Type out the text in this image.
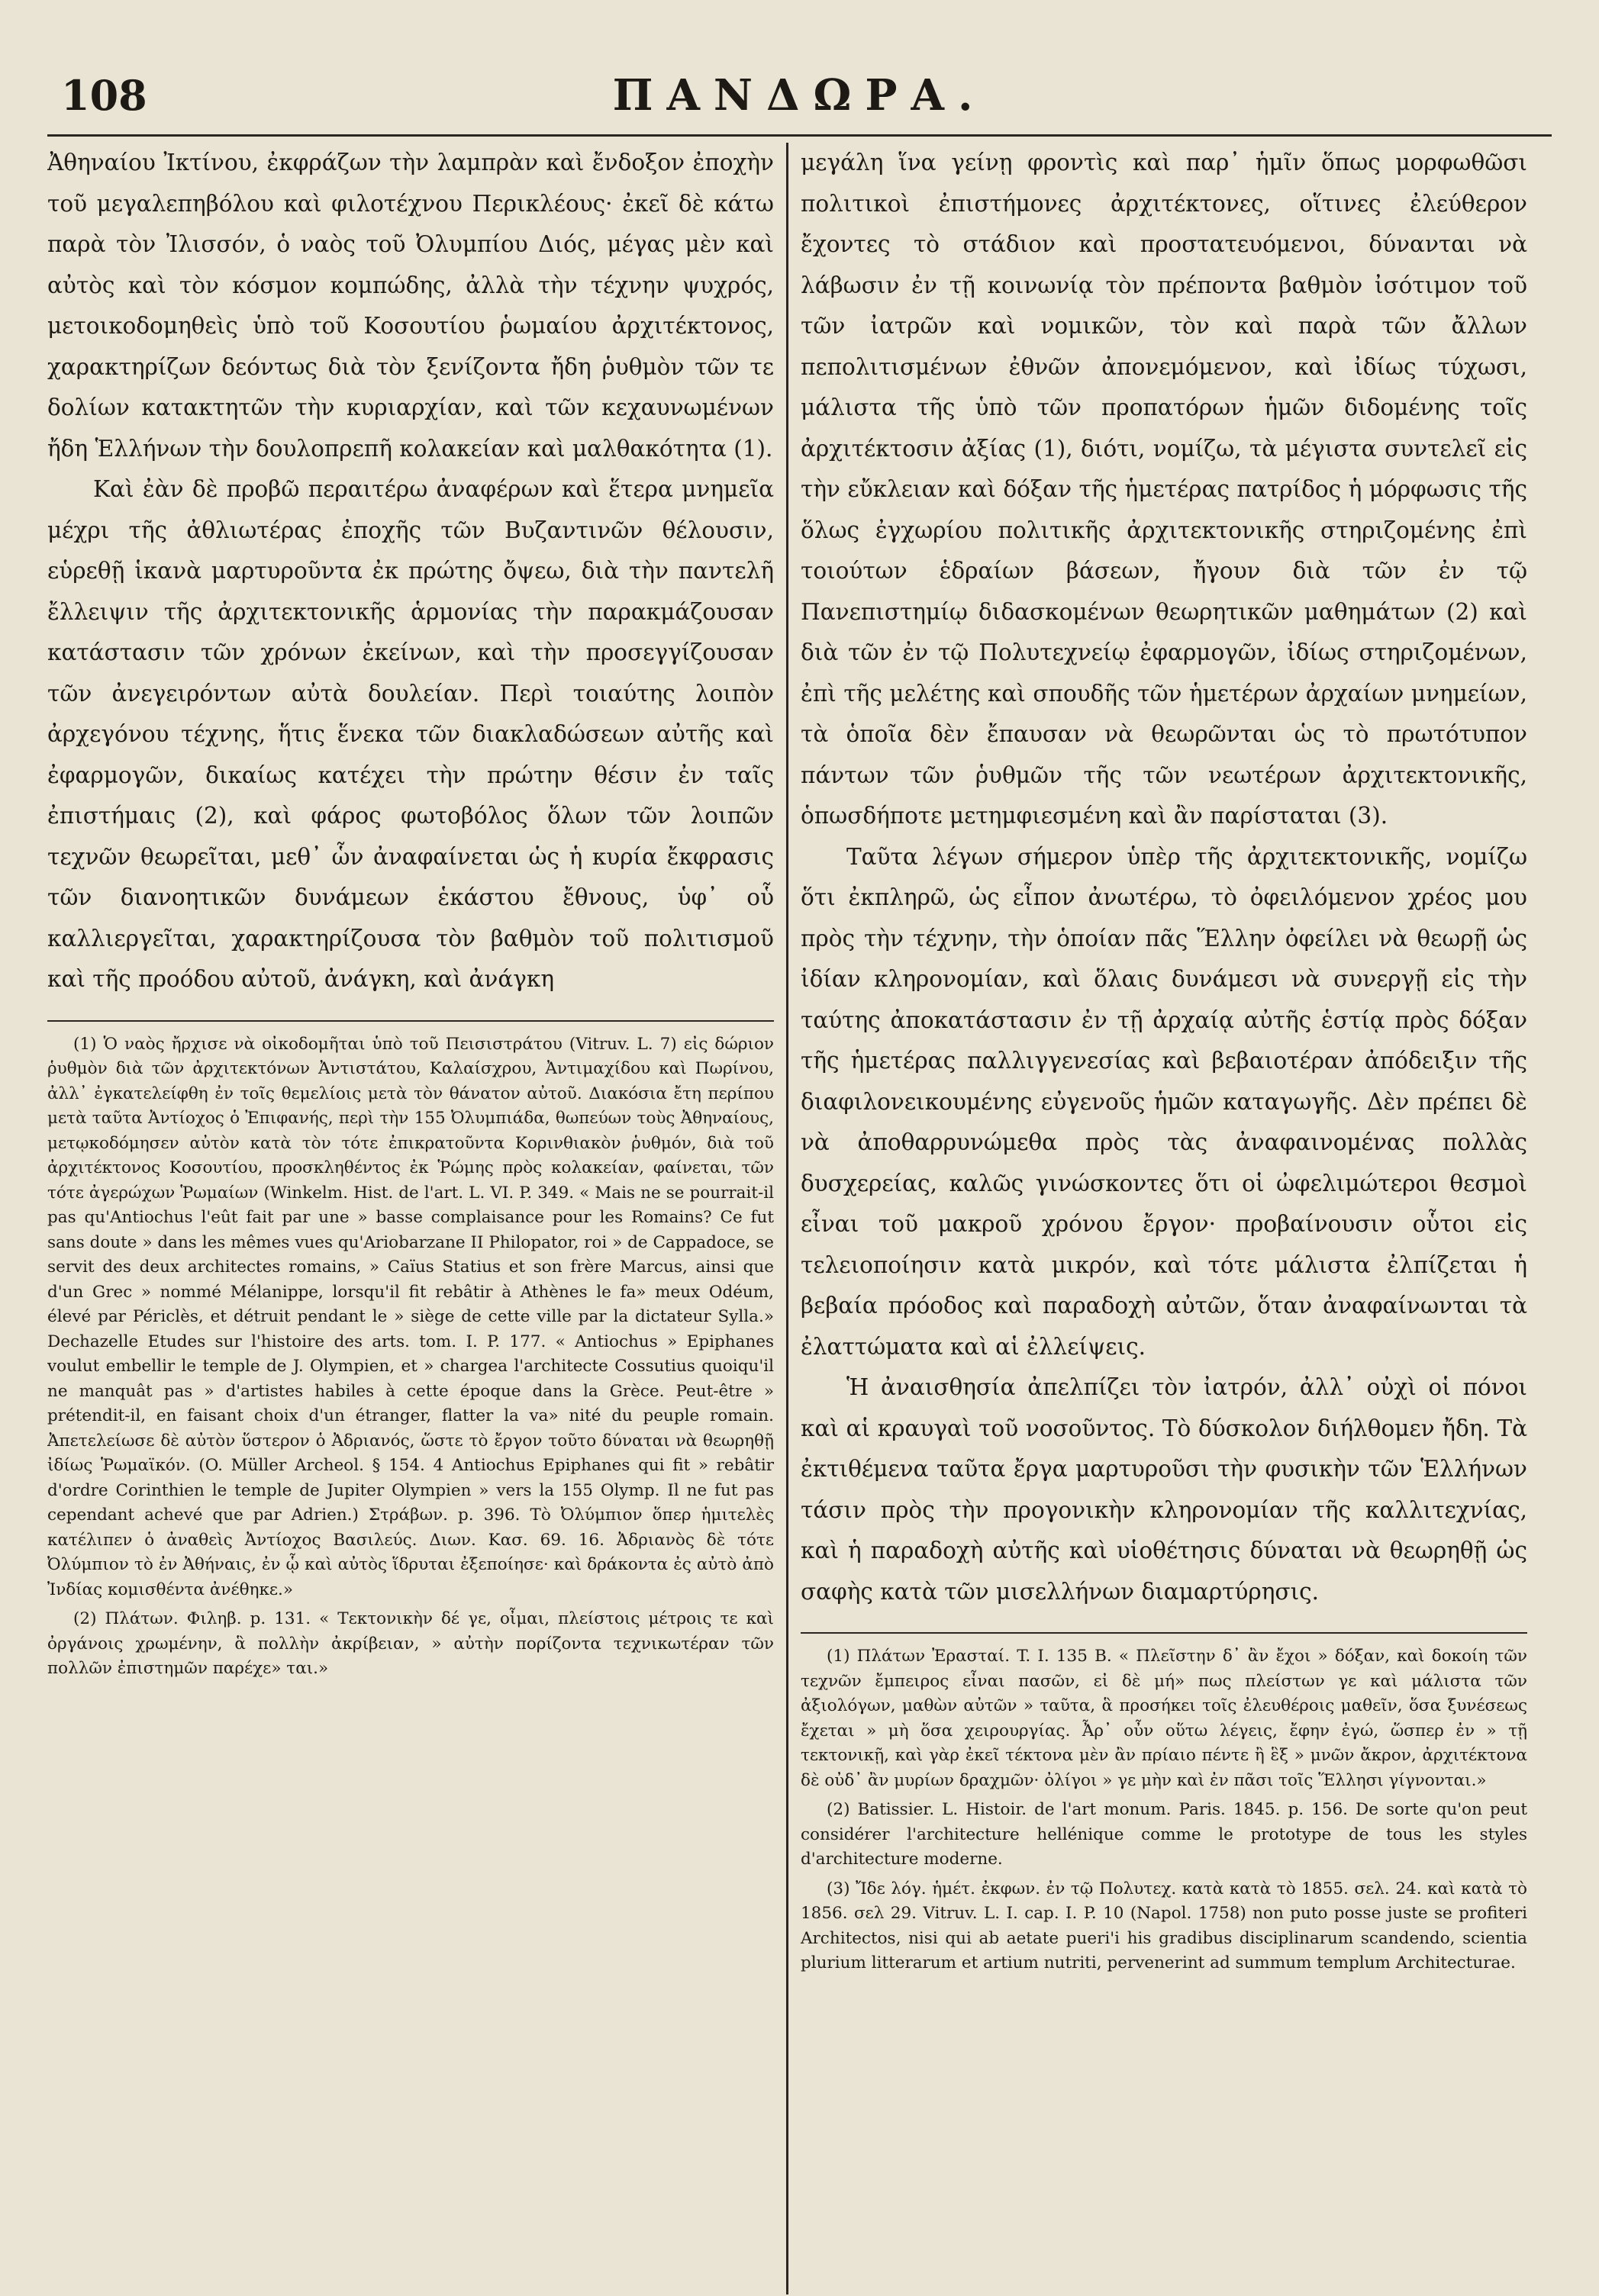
108	ΠΑΝΔΩΡΑ.

Ἀθηναίου Ἰκτίνου, ἐκφράζων τὴν λαμπρὰν καὶ ἔνδοξον ἐποχὴν τοῦ μεγαλεπηβόλου καὶ φιλοτέχνου Περικλέους· ἐκεῖ δὲ κάτω παρὰ τὸν Ἰλισσόν, ὁ ναὸς τοῦ Ὀλυμπίου Διός, μέγας μὲν καὶ αὐτὸς καὶ τὸν κόσμον κομπώδης, ἀλλὰ τὴν τέχνην ψυχρός, μετοικοδομηθεὶς ὑπὸ τοῦ Κοσουτίου ῥωμαίου ἀρχιτέκτονος, χαρακτηρίζων δεόντως διὰ τὸν ξενίζοντα ἤδη ῥυθμὸν τῶν τε δολίων κατακτητῶν τὴν κυριαρχίαν, καὶ τῶν κεχαυνωμένων ἤδη Ἑλλήνων τὴν δουλοπρεπῆ κολακείαν καὶ μαλθακότητα (1).

Καὶ ἐὰν δὲ προβῶ περαιτέρω ἀναφέρων καὶ ἕτερα μνημεῖα μέχρι τῆς ἀθλιωτέρας ἐποχῆς τῶν Βυζαντινῶν θέλουσιν, εὑρεθῇ ἱκανὰ μαρτυροῦντα ἐκ πρώτης ὄψεω, διὰ τὴν παντελῆ ἔλλειψιν τῆς ἀρχιτεκτονικῆς ἁρμονίας τὴν παρακμάζουσαν κατάστασιν τῶν χρόνων ἐκείνων, καὶ τὴν προσεγγίζουσαν τῶν ἀνεγειρόντων αὐτὰ δουλείαν. Περὶ τοιαύτης λοιπὸν ἀρχεγόνου τέχνης, ἥτις ἕνεκα τῶν διακλαδώσεων αὐτῆς καὶ ἐφαρμογῶν, δικαίως κατέχει τὴν πρώτην θέσιν ἐν ταῖς ἐπιστήμαις (2), καὶ φάρος φωτοβόλος ὅλων τῶν λοιπῶν τεχνῶν θεωρεῖται, μεθ᾽ ὧν ἀναφαίνεται ὡς ἡ κυρία ἔκφρασις τῶν διανοητικῶν δυνάμεων ἑκάστου ἔθνους, ὑφ᾽ οὗ καλλιεργεῖται, χαρακτηρίζουσα τὸν βαθμὸν τοῦ πολιτισμοῦ καὶ τῆς προόδου αὐτοῦ, ἀνάγκη, καὶ ἀνάγκη

(1) Ὁ ναὸς ἤρχισε νὰ οἰκοδομῆται ὑπὸ τοῦ Πεισιστράτου (Vitruv. L. 7) εἰς δώριον ῥυθμὸν διὰ τῶν ἀρχιτεκτόνων Ἀντιστάτου, Καλαίσχρου, Ἀντιμαχίδου καὶ Πωρίνου, ἀλλ᾽ ἐγκατελείφθη ἐν τοῖς θεμελίοις μετὰ τὸν θάνατον αὐτοῦ. Διακόσια ἔτη περίπου μετὰ ταῦτα Ἀντίοχος ὁ Ἐπιφανής, περὶ τὴν 155 Ὀλυμπιάδα, θωπεύων τοὺς Ἀθηναίους, μετῳκοδόμησεν αὐτὸν κατὰ τὸν τότε ἐπικρατοῦντα Κορινθιακὸν ῥυθμόν, διὰ τοῦ ἀρχιτέκτονος Κοσουτίου, προσκληθέντος ἐκ Ῥώμης πρὸς κολακείαν, φαίνεται, τῶν τότε ἀγερώχων Ῥωμαίων (Winkelm. Hist. de l'art. L. VI. P. 349. « Mais ne se pourrait-il pas qu'Antiochus l'eût fait par une » basse complaisance pour les Romains? Ce fut sans doute » dans les mêmes vues qu'Ariobarzane II Philopator, roi » de Cappadoce, se servit des deux architectes romains, » Caïus Statius et son frère Marcus, ainsi que d'un Grec » nommé Mélanippe, lorsqu'il fit rebâtir à Athènes le fa» meux Odéum, élevé par Périclès, et détruit pendant le » siège de cette ville par la dictateur Sylla.» Dechazelle Etudes sur l'histoire des arts. tom. I. P. 177. « Antiochus » Epiphanes voulut embellir le temple de J. Olympien, et » chargea l'architecte Cossutius quoiqu'il ne manquât pas » d'artistes habiles à cette époque dans la Grèce. Peut-être » prétendit-il, en faisant choix d'un étranger, flatter la va» nité du peuple romain. Ἀπετελείωσε δὲ αὐτὸν ὕστερον ὁ Ἀδριανός, ὥστε τὸ ἔργον τοῦτο δύναται νὰ θεωρηθῇ ἰδίως Ῥωμαϊκόν. (O. Müller Archeol. § 154. 4 Antiochus Epiphanes qui fit » rebâtir d'ordre Corinthien le temple de Jupiter Olympien » vers la 155 Olymp. Il ne fut pas cependant achevé que par Adrien.) Στράβων. p. 396. Τὸ Ὀλύμπιον ὅπερ ἡμιτελὲς κατέλιπεν ὁ ἀναθεὶς Ἀντίοχος Βασιλεύς. Διων. Κασ. 69. 16. Ἀδριανὸς δὲ τότε Ὀλύμπιον τὸ ἐν Ἀθήναις, ἐν ᾧ καὶ αὐτὸς ἵδρυται ἐξεποίησε· καὶ δράκοντα ἐς αὐτὸ ἀπὸ Ἰνδίας κομισθέντα ἀνέθηκε.»

(2) Πλάτων. Φιληβ. p. 131. « Τεκτονικὴν δέ γε, οἶμαι, πλείστοις μέτροις τε καὶ ὀργάνοις χρωμένην, ἃ πολλὴν ἀκρίβειαν, » αὐτὴν πορίζοντα τεχνικωτέραν τῶν πολλῶν ἐπιστημῶν παρέχε» ται.»

μεγάλη ἵνα γείνῃ φροντὶς καὶ παρ᾽ ἡμῖν ὅπως μορφωθῶσι πολιτικοὶ ἐπιστήμονες ἀρχιτέκτονες, οἵτινες ἐλεύθερον ἔχοντες τὸ στάδιον καὶ προστατευόμενοι, δύνανται νὰ λάβωσιν ἐν τῇ κοινωνίᾳ τὸν πρέποντα βαθμὸν ἰσότιμον τοῦ τῶν ἰατρῶν καὶ νομικῶν, τὸν καὶ παρὰ τῶν ἄλλων πεπολιτισμένων ἐθνῶν ἀπονεμόμενον, καὶ ἰδίως τύχωσι, μάλιστα τῆς ὑπὸ τῶν προπατόρων ἡμῶν διδομένης τοῖς ἀρχιτέκτοσιν ἀξίας (1), διότι, νομίζω, τὰ μέγιστα συντελεῖ εἰς τὴν εὔκλειαν καὶ δόξαν τῆς ἡμετέρας πατρίδος ἡ μόρφωσις τῆς ὅλως ἐγχωρίου πολιτικῆς ἀρχιτεκτονικῆς στηριζομένης ἐπὶ τοιούτων ἑδραίων βάσεων, ἤγουν διὰ τῶν ἐν τῷ Πανεπιστημίῳ διδασκομένων θεωρητικῶν μαθημάτων (2) καὶ διὰ τῶν ἐν τῷ Πολυτεχνείῳ ἐφαρμογῶν, ἰδίως στηριζομένων, ἐπὶ τῆς μελέτης καὶ σπουδῆς τῶν ἡμετέρων ἀρχαίων μνημείων, τὰ ὁποῖα δὲν ἔπαυσαν νὰ θεωρῶνται ὡς τὸ πρωτότυπον πάντων τῶν ῥυθμῶν τῆς τῶν νεωτέρων ἀρχιτεκτονικῆς, ὁπωσδήποτε μετημφιεσμένη καὶ ἂν παρίσταται (3).

Ταῦτα λέγων σήμερον ὑπὲρ τῆς ἀρχιτεκτονικῆς, νομίζω ὅτι ἐκπληρῶ, ὡς εἶπον ἀνωτέρω, τὸ ὀφειλόμενον χρέος μου πρὸς τὴν τέχνην, τὴν ὁποίαν πᾶς Ἕλλην ὀφείλει νὰ θεωρῇ ὡς ἰδίαν κληρονομίαν, καὶ ὅλαις δυνάμεσι νὰ συνεργῇ εἰς τὴν ταύτης ἀποκατάστασιν ἐν τῇ ἀρχαίᾳ αὐτῆς ἑστίᾳ πρὸς δόξαν τῆς ἡμετέρας παλλιγγενεσίας καὶ βεβαιοτέραν ἀπόδειξιν τῆς διαφιλονεικουμένης εὐγενοῦς ἡμῶν καταγωγῆς. Δὲν πρέπει δὲ νὰ ἀποθαρρυνώμεθα πρὸς τὰς ἀναφαινομένας πολλὰς δυσχερείας, καλῶς γινώσκοντες ὅτι οἱ ὠφελιμώτεροι θεσμοὶ εἶναι τοῦ μακροῦ χρόνου ἔργον· προβαίνουσιν οὗτοι εἰς τελειοποίησιν κατὰ μικρόν, καὶ τότε μάλιστα ἐλπίζεται ἡ βεβαία πρόοδος καὶ παραδοχὴ αὐτῶν, ὅταν ἀναφαίνωνται τὰ ἐλαττώματα καὶ αἱ ἐλλείψεις.

Ἡ ἀναισθησία ἀπελπίζει τὸν ἰατρόν, ἀλλ᾽ οὐχὶ οἱ πόνοι καὶ αἱ κραυγαὶ τοῦ νοσοῦντος. Τὸ δύσκολον διήλθομεν ἤδη. Τὰ ἐκτιθέμενα ταῦτα ἔργα μαρτυροῦσι τὴν φυσικὴν τῶν Ἑλλήνων τάσιν πρὸς τὴν προγονικὴν κληρονομίαν τῆς καλλιτεχνίας, καὶ ἡ παραδοχὴ αὐτῆς καὶ υἱοθέτησις δύναται νὰ θεωρηθῇ ὡς σαφὴς κατὰ τῶν μισελλήνων διαμαρτύρησις.

(1) Πλάτων Ἐρασταί. T. I. 135 B. « Πλεῖστην δ᾽ ἂν ἔχοι » δόξαν, καὶ δοκοίη τῶν τεχνῶν ἔμπειρος εἶναι πασῶν, εἰ δὲ μή» πως πλείστων γε καὶ μάλιστα τῶν ἀξιολόγων, μαθὼν αὐτῶν » ταῦτα, ἃ προσήκει τοῖς ἐλευθέροις μαθεῖν, ὅσα ξυνέσεως ἔχεται » μὴ ὅσα χειρουργίας. Ἆρ᾽ οὖν οὕτω λέγεις, ἔφην ἐγώ, ὥσπερ ἐν » τῇ τεκτονικῇ, καὶ γὰρ ἐκεῖ τέκτονα μὲν ἂν πρίαιο πέντε ἢ ἓξ » μνῶν ἄκρον, ἀρχιτέκτονα δὲ οὐδ᾽ ἂν μυρίων δραχμῶν· ὀλίγοι » γε μὴν καὶ ἐν πᾶσι τοῖς Ἕλλησι γίγνονται.»

(2) Batissier. L. Histoir. de l'art monum. Paris. 1845. p. 156. De sorte qu'on peut considérer l'architecture hellénique comme le prototype de tous les styles d'architecture moderne.

(3) Ἴδε λόγ. ἡμέτ. ἐκφων. ἐν τῷ Πολυτεχ. κατὰ κατὰ τὸ 1855. σελ. 24. καὶ κατὰ τὸ 1856. σελ 29. Vitruv. L. I. cap. I. P. 10 (Napol. 1758) non puto posse juste se profiteri Architectos, nisi qui ab aetate pueri'i his gradibus disciplinarum scandendo, scientia plurium litterarum et artium nutriti, pervenerint ad summum templum Architecturae.
